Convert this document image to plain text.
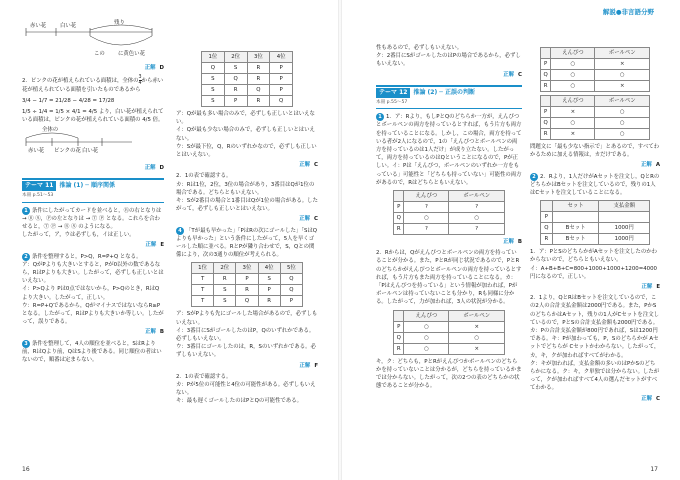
赤い花	白い花	残り
この に黄色い花
正解 D

2．ピンクの花が植えられている面積は，全体の $\frac{3}{4}$ から赤い花が植えられている面積を引いたものであるから

3/4 − 1/7 = 21/28 − 4/28 = 17/28

1/5 ÷ 1/4 = 1/5 × 4/1 = 4/5 より，白い花が植えられている面積は，ピンクの花が植えられている面積の 4/5 倍。

全体の
赤い花 ピンクの花 白い花
正解 D
テーマ 11 推論 (1) ─ 順序関係
本冊 p.51〜53

1 条件にしたがってカードを並べると，Ⓡの右となりは → Ⓡ Ⓢ，Ⓟの左となりは → Ⓣ Ⓟ となる。これらを合わせると，Ⓣ Ⓟ → Ⓡ Ⓢ のようになる。

したがって，ア，ウは必ずしも，イは正しい。

正解 E

2 条件を整理すると，P>Q，R=P+Q となる。

ア：QがPよりも大きいとすると，Pが0以外の数であるなら，RはPよりも大きい。したがって，必ずしも正しいとはいえない。

イ：P>Qより Pは0点ではないから，P>Qのとき，RはQより大きい。したがって，正しい。

ウ：R=P+Qであるから，QがマイナスではないならR≥Pとなる。したがって，RはPよりも大きいか等しい。したがって，誤りである。

正解 B

3 条件を整理して，4人の順位を並べると，SはRより前，RはQより前，QはSより後である。同じ順位の者はいないので，順番は定まらない。

1位	2位	3位	4位
Q	S	R	P
S	Q	R	P
S	R	Q	P
S	P	R	Q

ア：Qが最も多い場合のみで，必ずしも正しいとはいえない。

イ：Qが最も少ない場合のみで，必ずしも正しいとはいえない。

ウ：Sが最下位，Q，Rのいずれかなので，必ずしも正しいとはいえない。

正解 C

2．1の表で確認する。

カ：Rは1位，2位，3位の場合があり，3番目はQが1位の場合である。どちらともいえない。

キ：Sが2番目の場合と1番目はQが1位の場合がある。したがって，必ずしも正しいとはいえない。

正解 C

4 「Tが最も早かった」「PはRの次にゴールした」「SはQよりも早かった」という条件にしたがって，5人を早くゴールした順に並べる。RとPが隣り合わせで，S，Qとの関係により，次の3通りの順位が考えられる。

1位	2位	3位	4位	5位
T	R	P	S	Q
T	S	R	P	Q
T	S	Q	R	P

ア：SがPよりも先にゴールした場合があるので，必ずしもいえない。

イ：3番目にSがゴールしたのはP，Qのいずれかである。必ずしもいえない。

ウ：3番目にゴールしたのは，R，Sのいずれかである。必ずしもいえない。

正解 F

2．1の表で確認する。

カ：Pが5位の可能性と4位の可能性がある。必ずしもいえない。

キ：最も遅くゴールしたのはPとQの可能性である。

16
解説●非言語分野

性もあるので，必ずしもいえない。

ク：2番目にSがゴールしたのはPの場合であるから，必ずしもいえない。

正解 C
テーマ 12 推論 (2) ─ 正誤の判断
本冊 p.55〜57

1 1．ア：Rより，もしPとQのどちらか一方が，えんぴつとボールペンの両方を持っているとすれば，もう片方も両方を持っていることになる。しかし，この場合，両方を持っている者が2人になるので，1の「えんぴつとボールペンの両方を持っているのは1人だけ」が成り立たない。したがって，両方を持っているのはQということになるので，Pが正しい。イ：Pは「えんぴつ，ボールペンのいずれか一方をもっている」可能性と「どちらも持っていない」可能性の両方があるので，Rはどちらともいえない。

	えんぴつ	ボールペン
P	?	?
Q	○	○
R	?	?
正解 B

2．Rからは，Qがえんぴつとボールペンの両方を持っていることが分かる。また，PとRが同じ状況であるので，PとRのどちらかがえんぴつとボールペンの両方を持っているとすれば，もう片方もまた両方を持っていることになる。カ：「Pはえんぴつを持っている」という情報が加われば，Pがボールペンは持っていないことも分かり，Rも同様に分かる。したがって，力が加われば，3人の状況が分かる。

	えんぴつ	ボールペン
P	○	×
Q	○	○
R	○	×

キ，ク：どちらも，PとRがえんぴつかボールペンのどちらかを持っていないことは分かるが，どちらを持っているかまでは分からない。したがって，次の2つの表のどちらかの状態であることが分かる。

	えんぴつ	ボールペン
P	○	×
Q	○	○
R	○	×
	えんぴつ	ボールペン
P	×	○
Q	○	○
R	×	○

問題文に「最も少ない指示で」とあるので，すべてわかるために加える情報は，カだけである。

正解 A

2 2．Rより，1人だけがAセットを注文し，QとRのどちらかはBセットを注文しているので，残りの1人はCセットを注文していることになる。

	セット	支払金額
P		
Q	Bセット	1000円
R	Bセット	1000円

1．ア：PとSのどちらかがAセットを注文したのかわからないので，どちらともいえない。

イ：A+B+B+C=800+1000+1000+1200=4000円になるので，正しい。

正解 E

2．1より，QとRはBセットを注文しているので，この2人の合計支払金額は2000円である。また，PかSのどちらかはAセット，残りの1人がCセットを注文しているので，PとSの合計支払金額も2000円である。カ：Pの合計支払金額が800円であれば，Sは1200円である。キ：Pが加わっても，P，Sのどちらかが Aセットでどちらが Cセットかわからない。したがって，カ，キ，クが加わればすべてがわかる。

ク：キが加われば，支払金額の多いのはPかSのどちらかになる。ク：キ，ク単独では分からない。したがって，クが加わればすべて4人の選んだセットがすべてわかる。

正解 C
17
